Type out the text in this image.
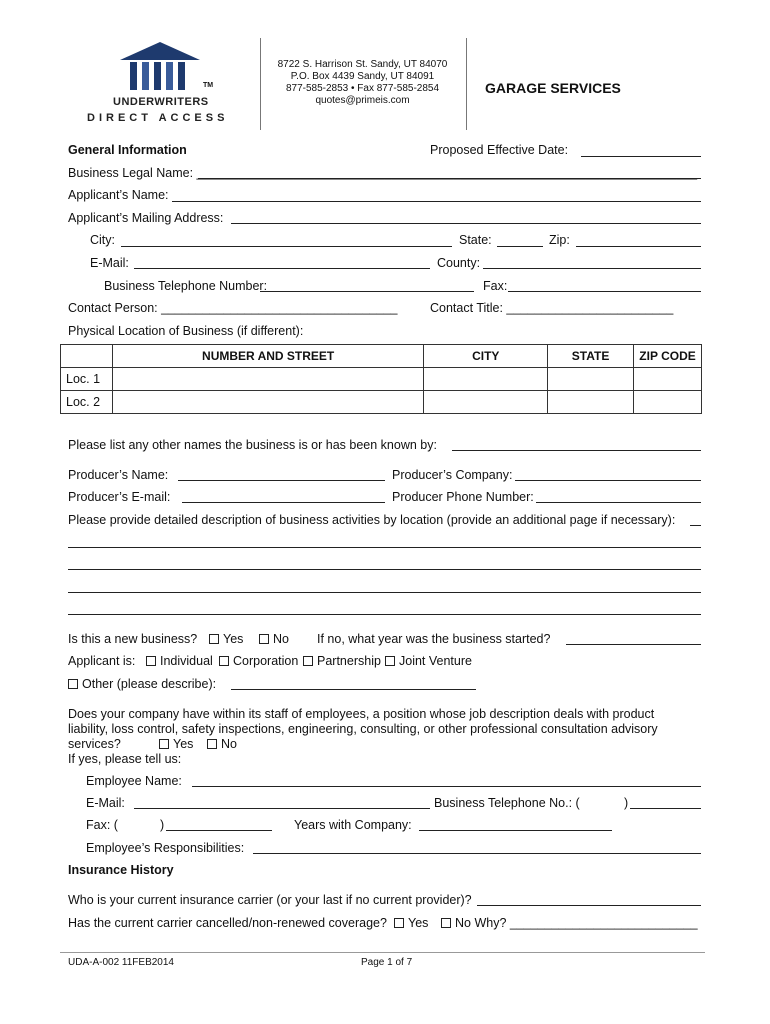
TM
UNDERWRITERS
DIRECT ACCESS
8722 S. Harrison St. Sandy, UT 84070
P.O. Box 4439 Sandy, UT 84091
877-585-2853 • Fax 877-585-2854
quotes@primeis.com
GARAGE SERVICES
General Information	Proposed Effective Date:
Business Legal Name: ________________________________________________________________________
Applicant’s Name:
Applicant’s Mailing Address:
City:	State:	Zip:
E-Mail:	County:
Business Telephone Number:	Fax:
Contact Person: __________________________________	Contact Title: ________________________
Physical Location of Business (if different):
	NUMBER AND STREET	CITY	STATE	ZIP CODE
Loc. 1				
Loc. 2				
Please list any other names the business is or has been known by:
Producer’s Name:	Producer’s Company:
Producer’s E-mail:	Producer Phone Number:
Please provide detailed description of business activities by location (provide an additional page if necessary):
Is this a new business?	Yes	No If no, what year was the business started?
Applicant is:	Individual	Corporation	Partnership	Joint Venture
Other (please describe):
Does your company have within its staff of employees, a position whose job description deals with product
liability, loss control, safety inspections, engineering, consulting, or other professional consultation advisory
services?	Yes	No
If yes, please tell us:
Employee Name:
E-Mail:	Business Telephone No.: (	)
Fax: (	)	Years with Company:
Employee’s Responsibilities:
Insurance History
Who is your current insurance carrier (or your last if no current provider)?
Has the current carrier cancelled/non-renewed coverage?	Yes	No Why? ___________________________
UDA-A-002 11FEB2014	Page 1 of 7
